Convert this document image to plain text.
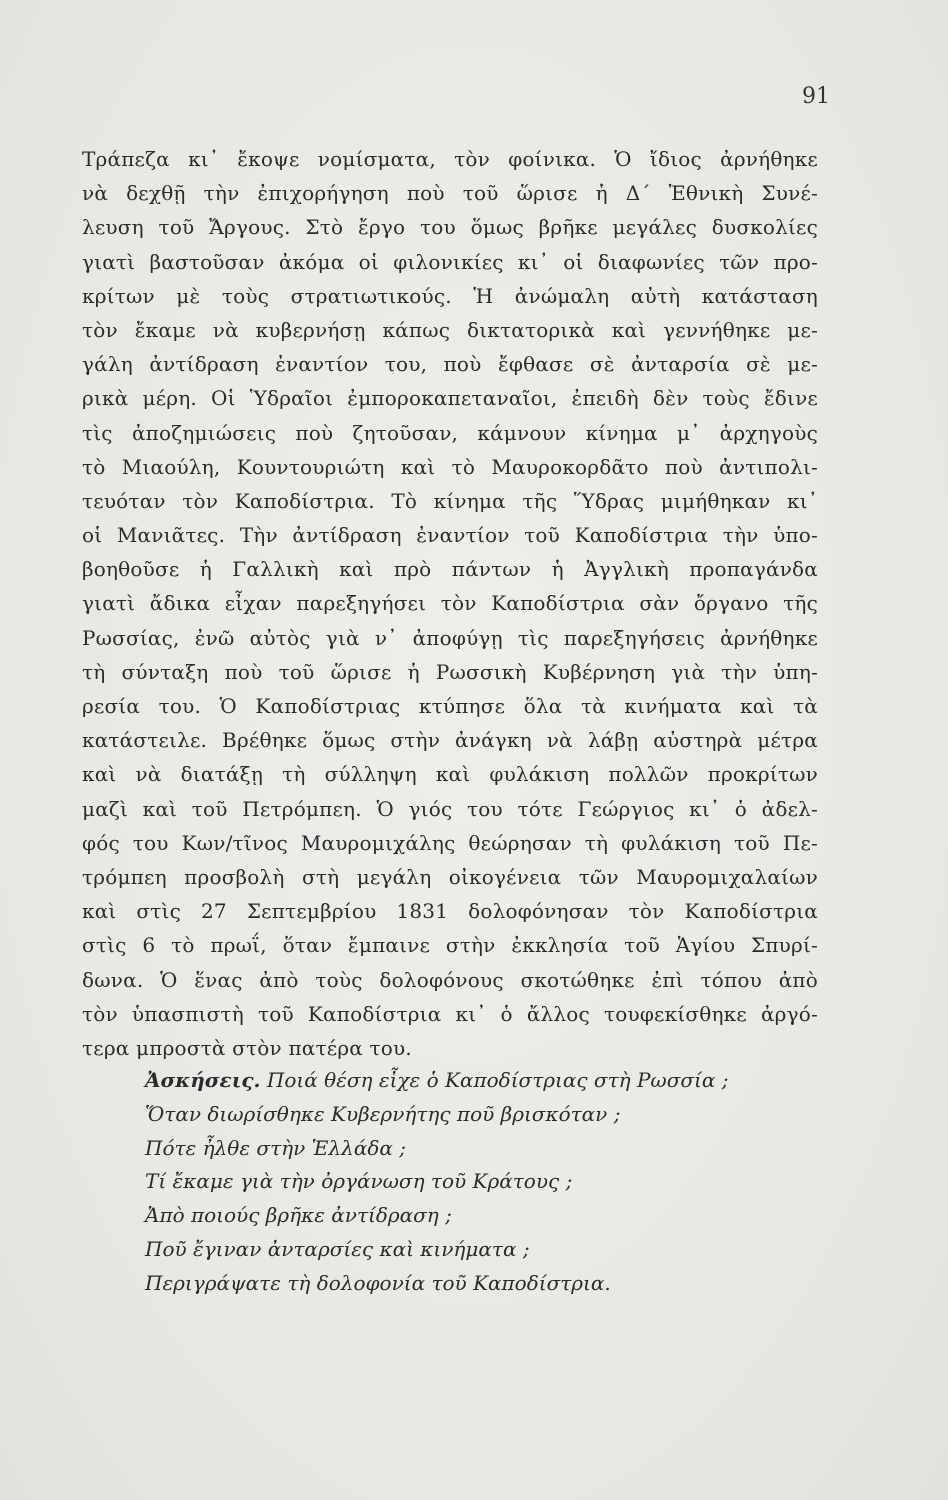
91
Τράπεζα κι᾽ ἔκοψε νομίσματα, τὸν φοίνικα. Ὁ ἴδιος ἀρνήθηκε
νὰ δεχθῇ τὴν ἐπιχορήγηση ποὺ τοῦ ὥρισε ἡ Δ´ Ἐθνικὴ Συνέ-
λευση τοῦ Ἄργους. Στὸ ἔργο του ὅμως βρῆκε μεγάλες δυσκολίες
γιατὶ βαστοῦσαν ἀκόμα οἱ φιλονικίες κι᾽ οἱ διαφωνίες τῶν προ-
κρίτων μὲ τοὺς στρατιωτικούς. Ἡ ἀνώμαλη αὐτὴ κατάσταση
τὸν ἔκαμε νὰ κυβερνήσῃ κάπως δικτατορικὰ καὶ γεννήθηκε με-
γάλη ἀντίδραση ἐναντίον του, ποὺ ἔφθασε σὲ ἀνταρσία σὲ με-
ρικὰ μέρη. Οἱ Ὑδραῖοι ἐμποροκαπεταναῖοι, ἐπειδὴ δὲν τοὺς ἔδινε
τὶς ἀποζημιώσεις ποὺ ζητοῦσαν, κάμνουν κίνημα μ᾽ ἀρχηγοὺς
τὸ Μιαούλη, Κουντουριώτη καὶ τὸ Μαυροκορδᾶτο ποὺ ἀντιπολι-
τευόταν τὸν Καποδίστρια. Τὸ κίνημα τῆς Ὕδρας μιμήθηκαν κι᾽
οἱ Μανιᾶτες. Τὴν ἀντίδραση ἐναντίον τοῦ Καποδίστρια τὴν ὑπο-
βοηθοῦσε ἡ Γαλλικὴ καὶ πρὸ πάντων ἡ Ἀγγλικὴ προπαγάνδα
γιατὶ ἄδικα εἶχαν παρεξηγήσει τὸν Καποδίστρια σὰν ὄργανο τῆς
Ρωσσίας, ἐνῶ αὐτὸς γιὰ ν᾽ ἀποφύγῃ τὶς παρεξηγήσεις ἀρνήθηκε
τὴ σύνταξη ποὺ τοῦ ὥρισε ἡ Ρωσσικὴ Κυβέρνηση γιὰ τὴν ὑπη-
ρεσία του. Ὁ Καποδίστριας κτύπησε ὅλα τὰ κινήματα καὶ τὰ
κατάστειλε. Βρέθηκε ὅμως στὴν ἀνάγκη νὰ λάβῃ αὐστηρὰ μέτρα
καὶ νὰ διατάξῃ τὴ σύλληψη καὶ φυλάκιση πολλῶν προκρίτων
μαζὶ καὶ τοῦ Πετρόμπεη. Ὁ γιός του τότε Γεώργιος κι᾽ ὁ ἀδελ-
φός του Κων/τῖνος Μαυρομιχάλης θεώρησαν τὴ φυλάκιση τοῦ Πε-
τρόμπεη προσβολὴ στὴ μεγάλη οἰκογένεια τῶν Μαυρομιχαλαίων
καὶ στὶς 27 Σεπτεμβρίου 1831 δολοφόνησαν τὸν Καποδίστρια
στὶς 6 τὸ πρωΐ, ὅταν ἔμπαινε στὴν ἐκκλησία τοῦ Ἁγίου Σπυρί-
δωνα. Ὁ ἕνας ἀπὸ τοὺς δολοφόνους σκοτώθηκε ἐπὶ τόπου ἀπὸ
τὸν ὑπασπιστὴ τοῦ Καποδίστρια κι᾽ ὁ ἄλλος τουφεκίσθηκε ἀργό-
τερα μπροστὰ στὸν πατέρα του.
Ἀσκήσεις. Ποιά θέση εἶχε ὁ Καποδίστριας στὴ Ρωσσία ;
Ὅταν διωρίσθηκε Κυβερνήτης ποῦ βρισκόταν ;
Πότε ἦλθε στὴν Ἑλλάδα ;
Τί ἔκαμε γιὰ τὴν ὀργάνωση τοῦ Κράτους ;
Ἀπὸ ποιούς βρῆκε ἀντίδραση ;
Ποῦ ἔγιναν ἀνταρσίες καὶ κινήματα ;
Περιγράψατε τὴ δολοφονία τοῦ Καποδίστρια.
